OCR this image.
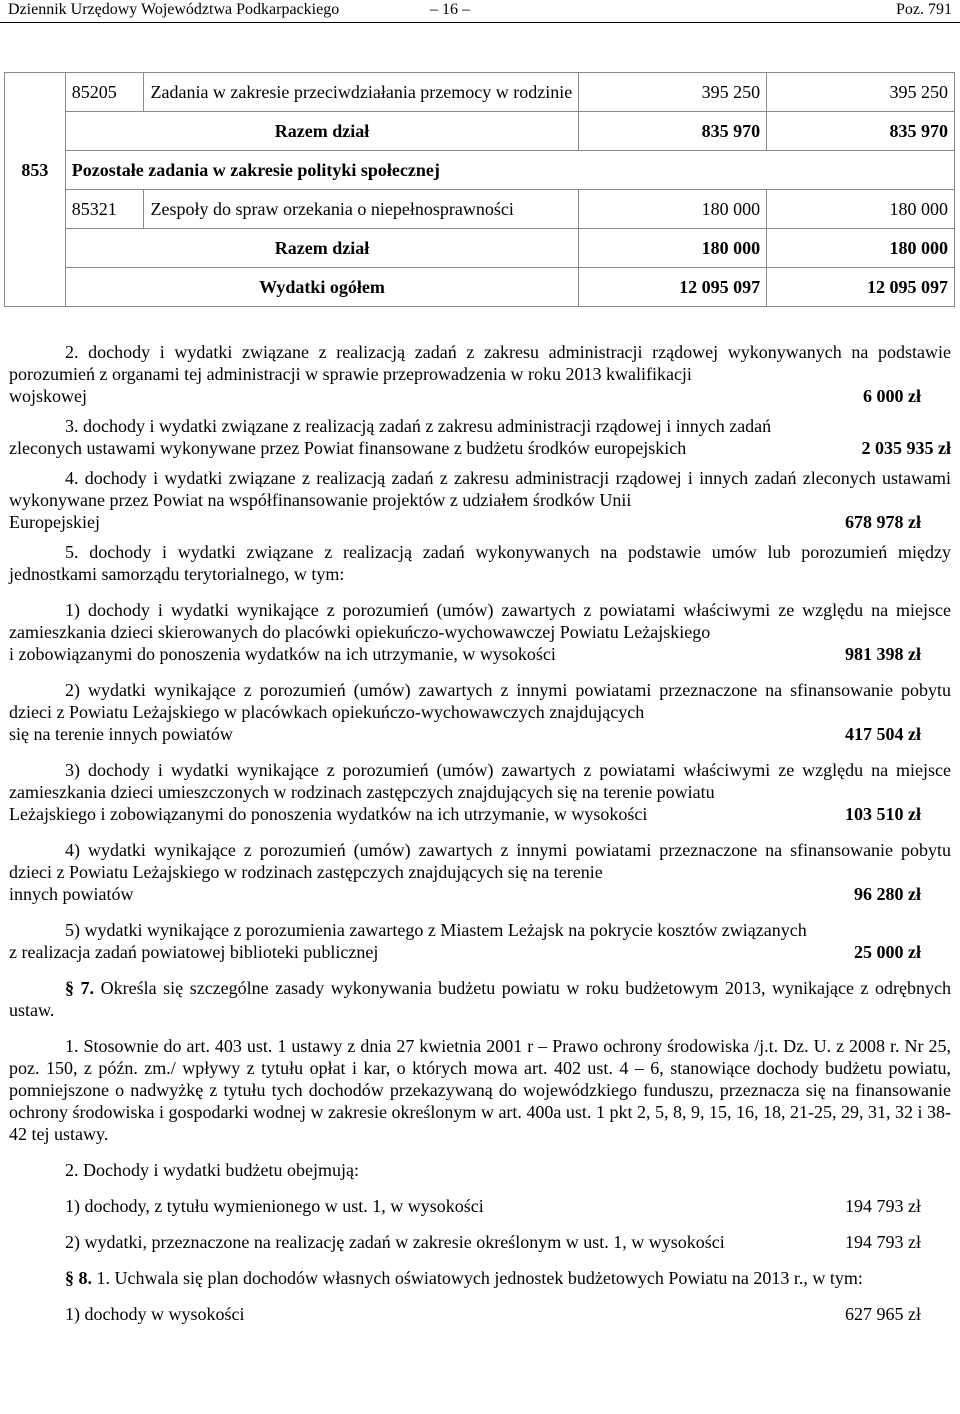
Dziennik Urzędowy Województwa Podkarpackiego	– 16 –	Poz. 791
853	85205	Zadania w zakresie przeciwdziałania przemocy w rodzinie	395 250	395 250
	Razem dział		835 970	835 970
	Pozostałe zadania w zakresie polityki społecznej			
	85321	Zespoły do spraw orzekania o niepełnosprawności	180 000	180 000
	Razem dział		180 000	180 000
	Wydatki ogółem		12 095 097	12 095 097

2. dochody i wydatki związane z realizacją zadań z zakresu administracji rządowej wykonywanych na podstawie porozumień z organami tej administracji w sprawie przeprowadzenia w roku 2013 kwalifikacji

wojskowej	6 000 zł

3. dochody i wydatki związane z realizacją zadań z zakresu administracji rządowej i innych zadań

zleconych ustawami wykonywane przez Powiat finansowane z budżetu środków europejskich	2 035 935 zł

4. dochody i wydatki związane z realizacją zadań z zakresu administracji rządowej i innych zadań zleconych ustawami wykonywane przez Powiat na współfinansowanie projektów z udziałem środków Unii

Europejskiej	678 978 zł

5. dochody i wydatki związane z realizacją zadań wykonywanych na podstawie umów lub porozumień między jednostkami samorządu terytorialnego, w tym:

1) dochody i wydatki wynikające z porozumień (umów) zawartych z powiatami właściwymi ze względu na miejsce zamieszkania dzieci skierowanych do placówki opiekuńczo-wychowawczej Powiatu Leżajskiego

i zobowiązanymi do ponoszenia wydatków na ich utrzymanie, w wysokości	981 398 zł

2) wydatki wynikające z porozumień (umów) zawartych z innymi powiatami przeznaczone na sfinansowanie pobytu dzieci z Powiatu Leżajskiego w placówkach opiekuńczo-wychowawczych znajdujących

się na terenie innych powiatów	417 504 zł

3) dochody i wydatki wynikające z porozumień (umów) zawartych z powiatami właściwymi ze względu na miejsce zamieszkania dzieci umieszczonych w rodzinach zastępczych znajdujących się na terenie powiatu

Leżajskiego i zobowiązanymi do ponoszenia wydatków na ich utrzymanie, w wysokości	103 510 zł

4) wydatki wynikające z porozumień (umów) zawartych z innymi powiatami przeznaczone na sfinansowanie pobytu dzieci z Powiatu Leżajskiego w rodzinach zastępczych znajdujących się na terenie

innych powiatów	96 280 zł

5) wydatki wynikające z porozumienia zawartego z Miastem Leżajsk na pokrycie kosztów związanych

z realizacja zadań powiatowej biblioteki publicznej	25 000 zł

§ 7. Określa się szczególne zasady wykonywania budżetu powiatu w roku budżetowym 2013, wynikające z odrębnych ustaw.

1. Stosownie do art. 403 ust. 1 ustawy z dnia 27 kwietnia 2001 r – Prawo ochrony środowiska /j.t. Dz. U. z 2008 r. Nr 25, poz. 150, z późn. zm./ wpływy z tytułu opłat i kar, o których mowa art. 402 ust. 4 – 6, stanowiące dochody budżetu powiatu, pomniejszone o nadwyżkę z tytułu tych dochodów przekazywaną do wojewódzkiego funduszu, przeznacza się na finansowanie ochrony środowiska i gospodarki wodnej w zakresie określonym w art. 400a ust. 1 pkt 2, 5, 8, 9, 15, 16, 18, 21-25, 29, 31, 32 i 38-42 tej ustawy.

2. Dochody i wydatki budżetu obejmują:

1) dochody, z tytułu wymienionego w ust. 1, w wysokości	194 793 zł
2) wydatki, przeznaczone na realizację zadań w zakresie określonym w ust. 1, w wysokości	194 793 zł

§ 8. 1. Uchwala się plan dochodów własnych oświatowych jednostek budżetowych Powiatu na 2013 r., w tym:

1) dochody w wysokości	627 965 zł
